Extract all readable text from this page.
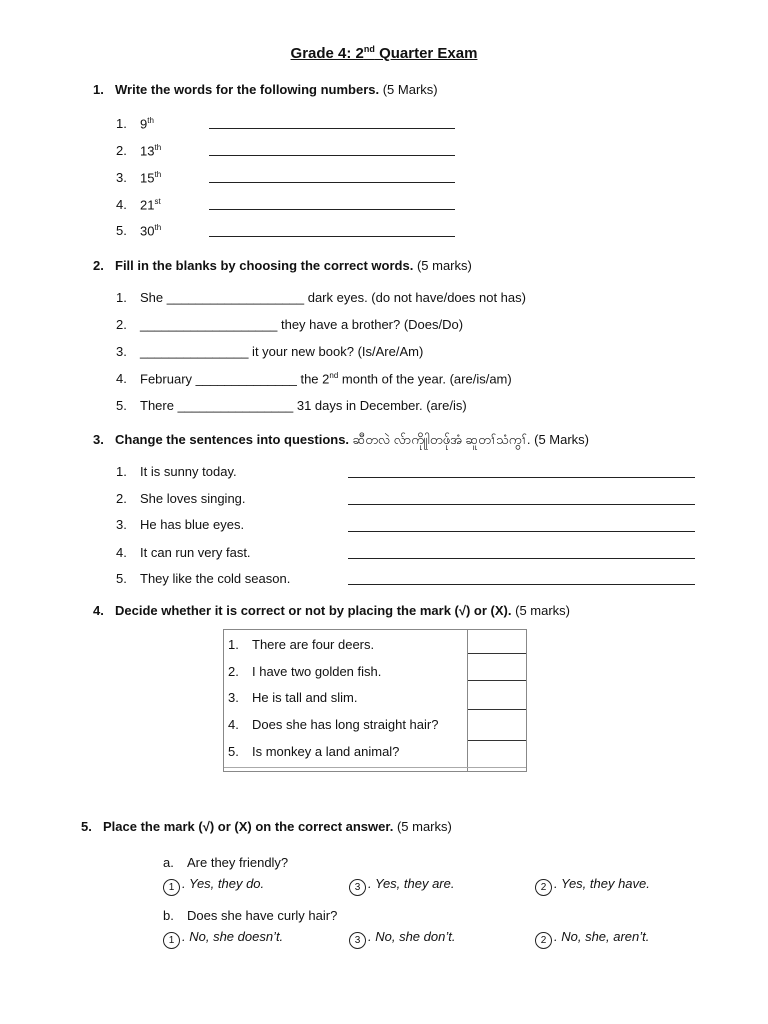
Grade 4: 2nd Quarter Exam
1. Write the words for the following numbers. (5 Marks)
1. 9th
2. 13th
3. 15th
4. 21st
5. 30th
2. Fill in the blanks by choosing the correct words. (5 marks)
1. She ___________________ dark eyes. (do not have/does not has)
2. ___________________ they have a brother? (Does/Do)
3. _______________ it your new book? (Is/Are/Am)
4. February ______________ the 2nd month of the year. (are/is/am)
5. There ________________ 31 days in December. (are/is)
3. Change the sentences into questions. ဆီတလဲ လ်ာကိုုုါတဖ်ုအံ ဆူတၢ်သံကွၢ်. (5 Marks)
1. It is sunny today.
2. She loves singing.
3. He has blue eyes.
4. It can run very fast.
5. They like the cold season.
4. Decide whether it is correct or not by placing the mark (√) or (X). (5 marks)
1. There are four deers.
2. I have two golden fish.
3. He is tall and slim.
4. Does she has long straight hair?
5. Is monkey a land animal?
5. Place the mark (√) or (X) on the correct answer. (5 marks)
a. Are they friendly?
1 . Yes, they do.	3 . Yes, they are.	2 . Yes, they have.
b. Does she have curly hair?
1 . No, she doesn’t.	3 . No, she don’t.	2 . No, she, aren’t.
